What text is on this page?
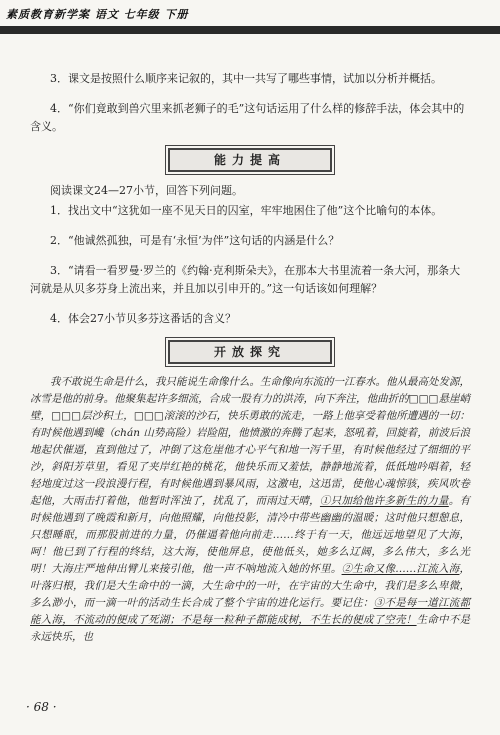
素质教育新学案 语文 七年级 下册

3．课文是按照什么顺序来记叙的，其中一共写了哪些事情，试加以分析并概括。

4．“你们竟敢到兽穴里来抓老狮子的毛”这句话运用了什么样的修辞手法，体会其中的含义。

能力提高

阅读课文24—27小节，回答下列问题。

1．找出文中“这犹如一座不见天日的囚室，牢牢地困住了他”这个比喻句的本体。

2．“他诚然孤独，可是有‘永恒’为伴”这句话的内涵是什么？

3．“请看一看罗曼·罗兰的《约翰·克利斯朵夫》，在那本大书里流着一条大河，那条大河就是从贝多芬身上流出来，并且加以引申开的。”这一句话该如何理解？

4．体会27小节贝多芬这番话的含义？

开放探究

我不敢说生命是什么，我只能说生命像什么。生命像向东流的一江春水。他从最高处发源，冰雪是他的前身。他聚集起许多细流，合成一股有力的洪涛，向下奔注，他曲折的□□□悬崖峭壁，□□□层沙积土，□□□滚滚的沙石，快乐勇敢的流走，一路上他享受着他所遭遇的一切：有时候他遇到巉（chán 山势高险）岩险阻，他愤激的奔腾了起来，怒吼着，回旋着，前波后浪地起伏催逼，直到他过了，冲倒了这危崖他才心平气和地一泻千里，有时候他经过了细细的平沙，斜阳芳草里，看见了夹岸红艳的桃花，他快乐而又羞怯，静静地流着，低低地吟唱着，轻轻地度过这一段浪漫行程，有时候他遇到暴风雨，这激电，这迅雷，使他心魂惊骇，疾风吹卷起他，大雨击打着他，他暂时浑浊了，扰乱了，而雨过天晴，①只加给他许多新生的力量。有时候他遇到了晚霞和新月，向他照耀，向他投影，清冷中带些幽幽的温暖；这时他只想憩息，只想睡眠，而那股前进的力量，仍催逼着他向前走……终于有一天，他远远地望见了大海，呵！他已到了行程的终结，这大海，使他屏息，使他低头，她多么辽阔，多么伟大，多么光明！大海庄严地伸出臂儿来接引他，他一声不响地流入她的怀里。②生命又像……江流入海，叶落归根，我们是大生命中的一滴，大生命中的一叶，在宇宙的大生命中，我们是多么卑微，多么渺小，而一滴一叶的活动生长合成了整个宇宙的进化运行。要记住：③不是每一道江流都能入海，不流动的便成了死湖；不是每一粒种子都能成树，不生长的便成了空壳！生命中不是永远快乐，也

· 68 ·
